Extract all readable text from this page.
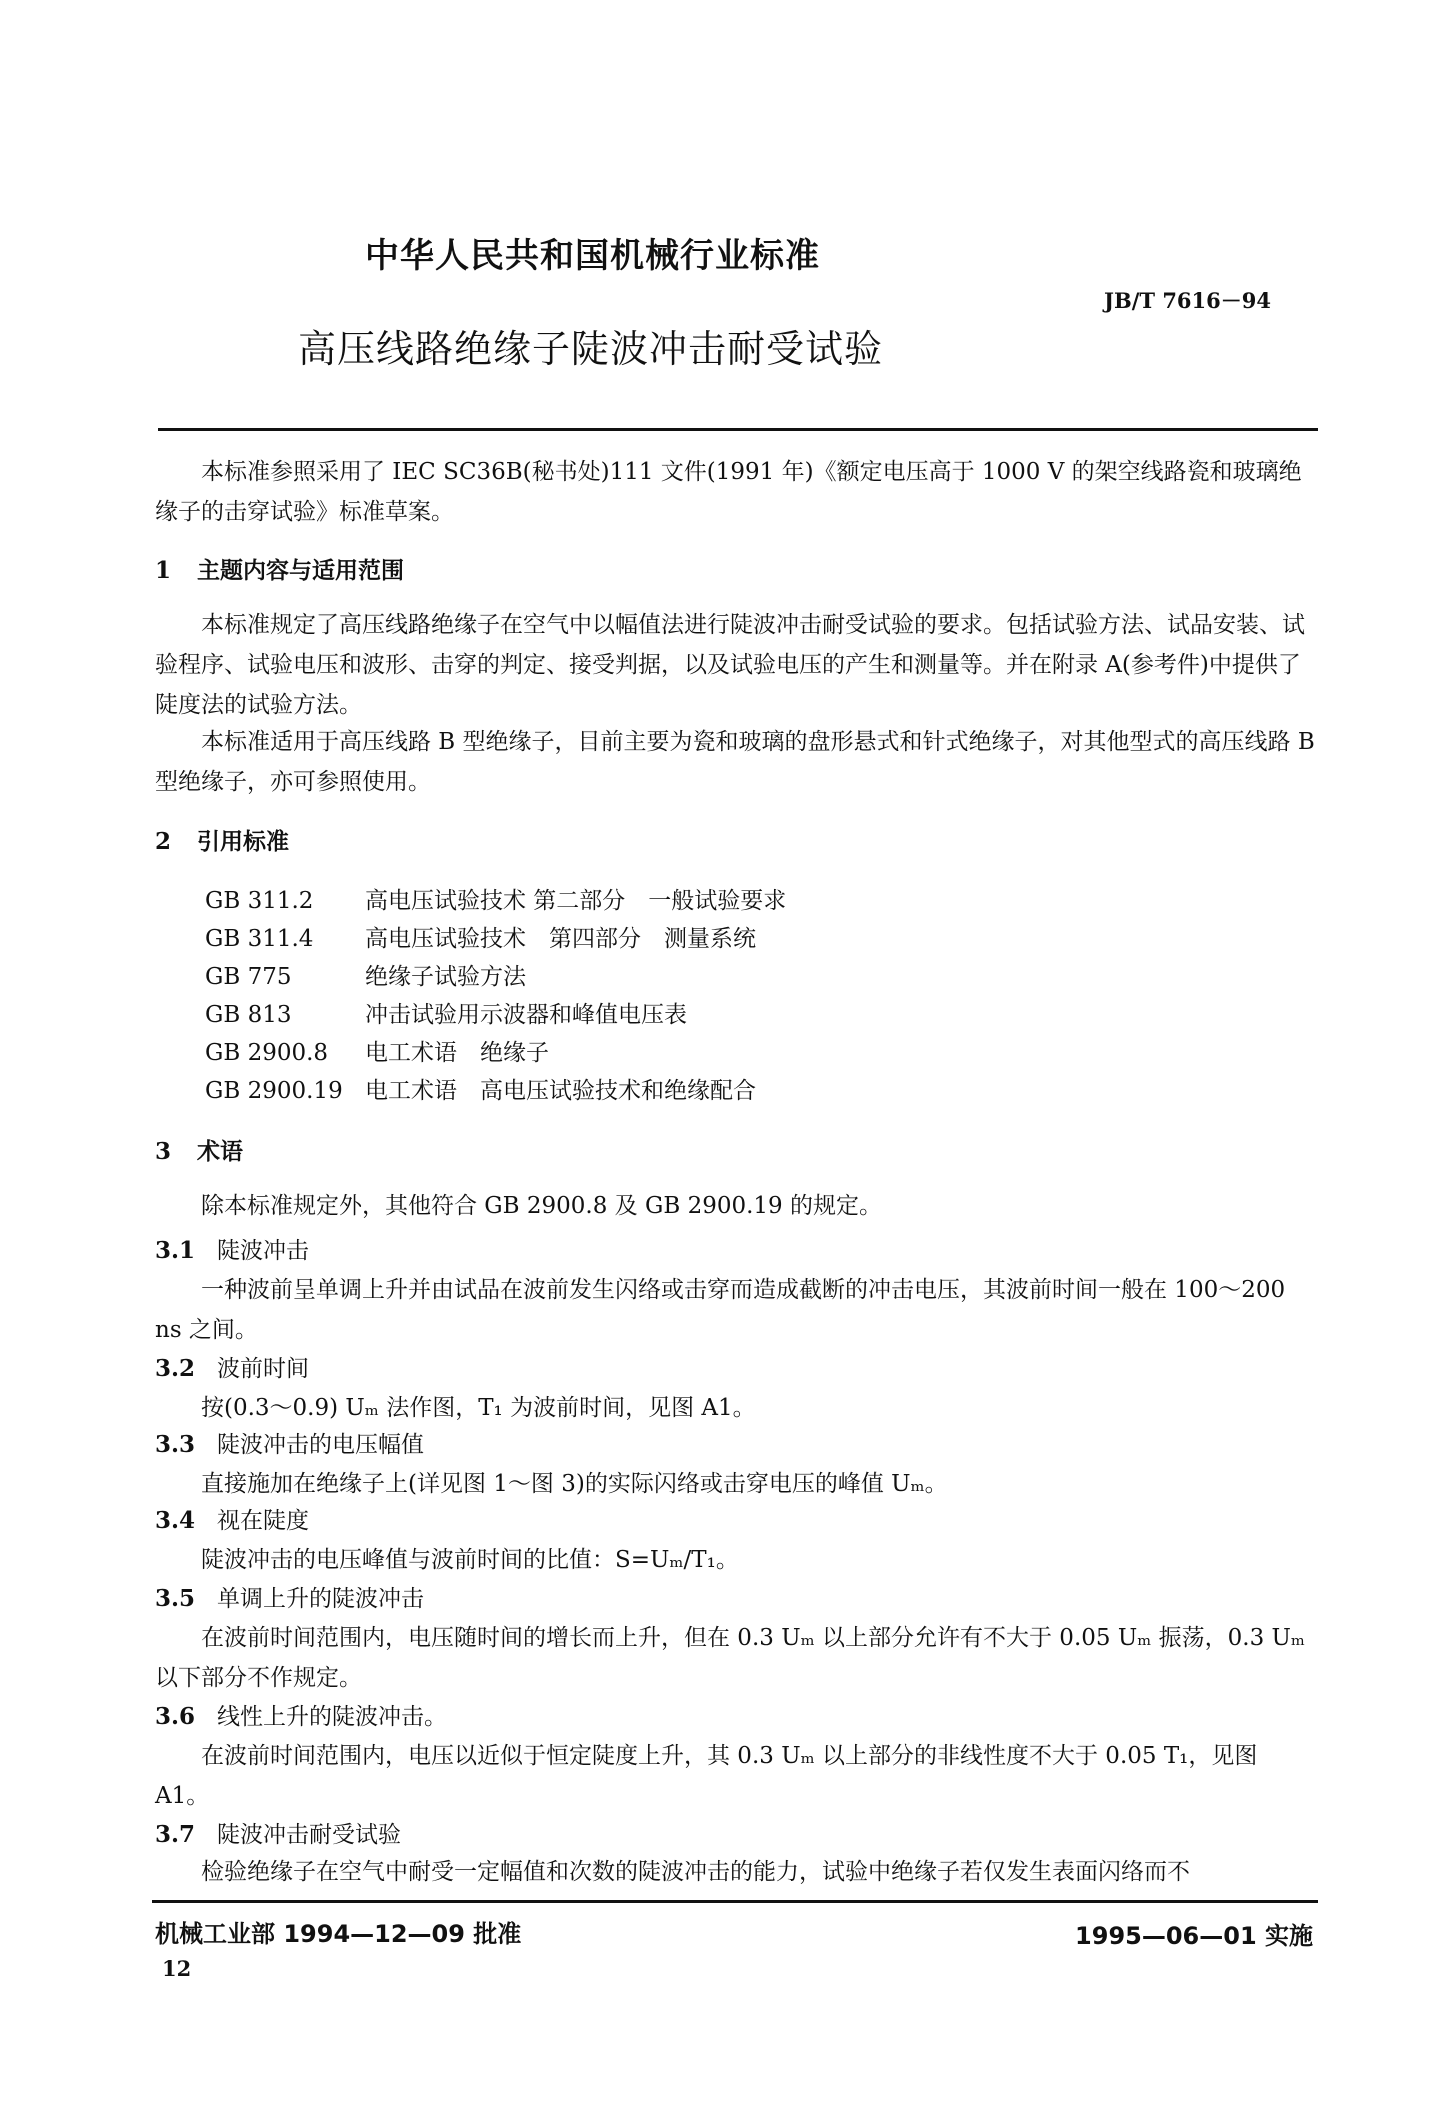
中华人民共和国机械行业标准
JB/T 7616－94
高压线路绝缘子陡波冲击耐受试验
本标准参照采用了 IEC SC36B(秘书处)111 文件(1991 年)《额定电压高于 1000 V 的架空线路瓷和玻璃绝缘子的击穿试验》标准草案。
1 主题内容与适用范围
本标准规定了高压线路绝缘子在空气中以幅值法进行陡波冲击耐受试验的要求。包括试验方法、试品安装、试验程序、试验电压和波形、击穿的判定、接受判据，以及试验电压的产生和测量等。并在附录 A(参考件)中提供了陡度法的试验方法。
本标准适用于高压线路 B 型绝缘子，目前主要为瓷和玻璃的盘形悬式和针式绝缘子，对其他型式的高压线路 B 型绝缘子，亦可参照使用。
2 引用标准
GB 311.2 高电压试验技术 第二部分　一般试验要求
GB 311.4 高电压试验技术　第四部分　测量系统
GB 775	绝缘子试验方法
GB 813	冲击试验用示波器和峰值电压表
GB 2900.8 电工术语　绝缘子
GB 2900.19 电工术语　高电压试验技术和绝缘配合
3 术语
除本标准规定外，其他符合 GB 2900.8 及 GB 2900.19 的规定。
3.1 陡波冲击
一种波前呈单调上升并由试品在波前发生闪络或击穿而造成截断的冲击电压，其波前时间一般在 100～200 ns 之间。
3.2 波前时间
按(0.3～0.9) Uₘ 法作图，T₁ 为波前时间，见图 A1。
3.3 陡波冲击的电压幅值
直接施加在绝缘子上(详见图 1～图 3)的实际闪络或击穿电压的峰值 Uₘ。
3.4 视在陡度
陡波冲击的电压峰值与波前时间的比值：S=Uₘ/T₁。
3.5 单调上升的陡波冲击
在波前时间范围内，电压随时间的增长而上升，但在 0.3 Uₘ 以上部分允许有不大于 0.05 Uₘ 振荡，0.3 Uₘ 以下部分不作规定。
3.6 线性上升的陡波冲击。
在波前时间范围内，电压以近似于恒定陡度上升，其 0.3 Uₘ 以上部分的非线性度不大于 0.05 T₁，见图 A1。
3.7 陡波冲击耐受试验
检验绝缘子在空气中耐受一定幅值和次数的陡波冲击的能力，试验中绝缘子若仅发生表面闪络而不
机械工业部 1994—12—09 批准	1995—06—01 实施
12
